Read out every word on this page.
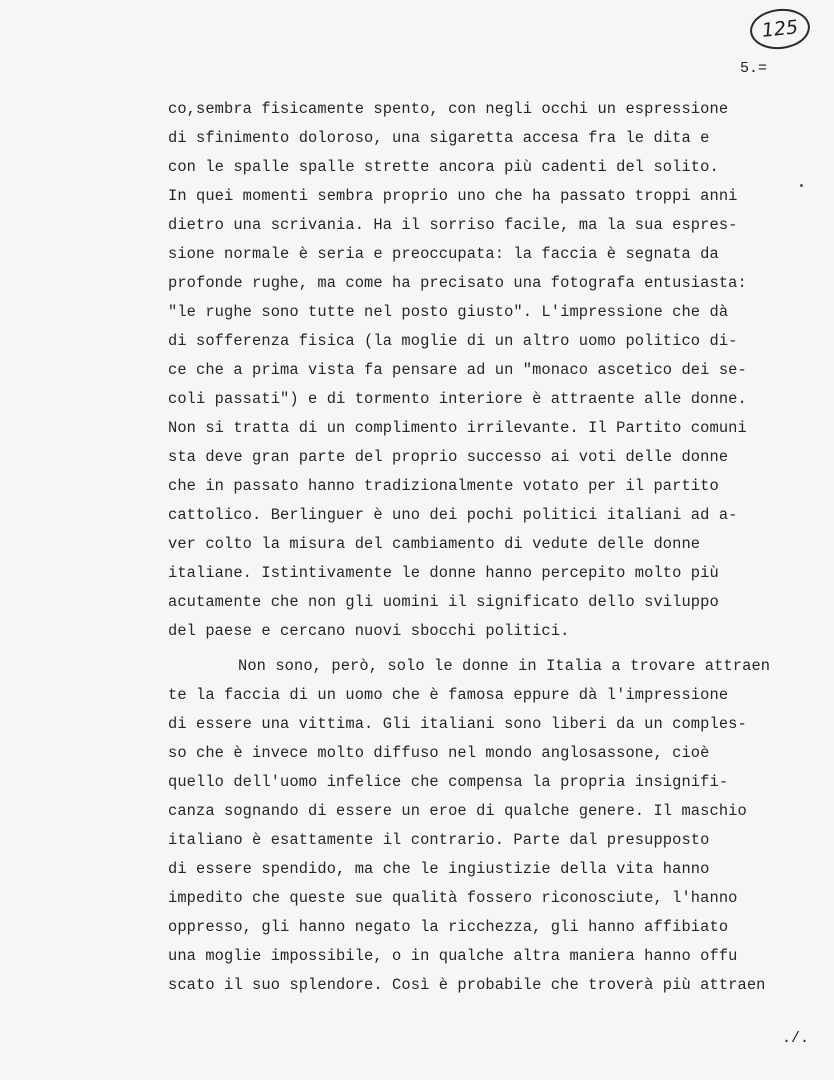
125
5.=
co,sembra fisicamente spento, con negli occhi un espressione
di sfinimento doloroso, una sigaretta accesa fra le dita e
con le spalle spalle strette ancora più cadenti del solito.
In quei momenti sembra proprio uno che ha passato troppi anni
dietro una scrivania. Ha il sorriso facile, ma la sua espres-
sione normale è seria e preoccupata: la faccia è segnata da
profonde rughe, ma come ha precisato una fotografa entusiasta:
"le rughe sono tutte nel posto giusto". L'impressione che dà
di sofferenza fisica (la moglie di un altro uomo politico di-
ce che a prima vista fa pensare ad un "monaco ascetico dei se-
coli passati") e di tormento interiore è attraente alle donne.
Non si tratta di un complimento irrilevante. Il Partito comuni
sta deve gran parte del proprio successo ai voti delle donne
che in passato hanno tradizionalmente votato per il partito
cattolico. Berlinguer è uno dei pochi politici italiani ad a-
ver colto la misura del cambiamento di vedute delle donne
italiane. Istintivamente le donne hanno percepito molto più
acutamente che non gli uomini il significato dello sviluppo
del paese e cercano nuovi sbocchi politici.
Non sono, però, solo le donne in Italia a trovare attraen
te la faccia di un uomo che è famosa eppure dà l'impressione
di essere una vittima. Gli italiani sono liberi da un comples-
so che è invece molto diffuso nel mondo anglosassone, cioè
quello dell'uomo infelice che compensa la propria insignifi-
canza sognando di essere un eroe di qualche genere. Il maschio
italiano è esattamente il contrario. Parte dal presupposto
di essere spendido, ma che le ingiustizie della vita hanno
impedito che queste sue qualità fossero riconosciute, l'hanno
oppresso, gli hanno negato la ricchezza, gli hanno affibiato
una moglie impossibile, o in qualche altra maniera hanno offu
scato il suo splendore. Così è probabile che troverà più attraen
./.
